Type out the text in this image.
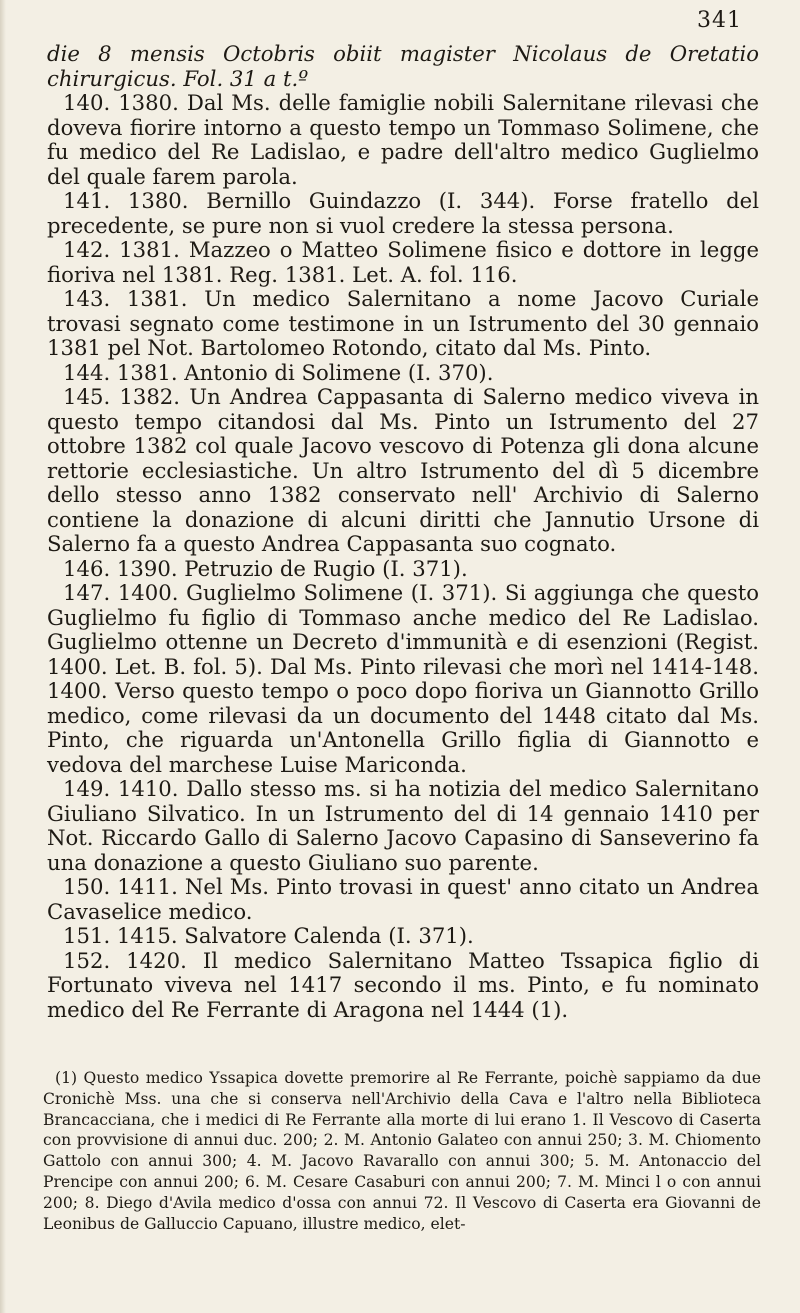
341

die 8 mensis Octobris obiit magister Nicolaus de Oretatio chirurgicus. Fol. 31 a t.º

140. 1380. Dal Ms. delle famiglie nobili Salernitane rilevasi che doveva fiorire intorno a questo tempo un Tommaso Solimene, che fu medico del Re Ladislao, e padre dell'altro medico Guglielmo del quale farem parola.

141. 1380. Bernillo Guindazzo (I. 344). Forse fratello del precedente, se pure non si vuol credere la stessa persona.

142. 1381. Mazzeo o Matteo Solimene fisico e dottore in legge fioriva nel 1381. Reg. 1381. Let. A. fol. 116.

143. 1381. Un medico Salernitano a nome Jacovo Curiale trovasi segnato come testimone in un Istrumento del 30 gennaio 1381 pel Not. Bartolomeo Rotondo, citato dal Ms. Pinto.

144. 1381. Antonio di Solimene (I. 370).

145. 1382. Un Andrea Cappasanta di Salerno medico viveva in questo tempo citandosi dal Ms. Pinto un Istrumento del 27 ottobre 1382 col quale Jacovo vescovo di Potenza gli dona alcune rettorie ecclesiastiche. Un altro Istrumento del dì 5 dicembre dello stesso anno 1382 conservato nell' Archivio di Salerno contiene la donazione di alcuni diritti che Jannutio Ursone di Salerno fa a questo Andrea Cappasanta suo cognato.

146. 1390. Petruzio de Rugio (I. 371).

147. 1400. Guglielmo Solimene (I. 371). Si aggiunga che questo Guglielmo fu figlio di Tommaso anche medico del Re Ladislao. Guglielmo ottenne un Decreto d'immunità e di esenzioni (Regist. 1400. Let. B. fol. 5). Dal Ms. Pinto rilevasi che morì nel 1414-148. 1400. Verso questo tempo o poco dopo fioriva un Giannotto Grillo medico, come rilevasi da un documento del 1448 citato dal Ms. Pinto, che riguarda un'Antonella Grillo figlia di Giannotto e vedova del marchese Luise Mariconda.

149. 1410. Dallo stesso ms. si ha notizia del medico Salernitano Giuliano Silvatico. In un Istrumento del di 14 gennaio 1410 per Not. Riccardo Gallo di Salerno Jacovo Capasino di Sanseverino fa una donazione a questo Giuliano suo parente.

150. 1411. Nel Ms. Pinto trovasi in quest' anno citato un Andrea Cavaselice medico.

151. 1415. Salvatore Calenda (I. 371).

152. 1420. Il medico Salernitano Matteo Tssapica figlio di Fortunato viveva nel 1417 secondo il ms. Pinto, e fu nominato medico del Re Ferrante di Aragona nel 1444 (1).

(1) Questo medico Yssapica dovette premorire al Re Ferrante, poichè sappiamo da due Cronichè Mss. una che si conserva nell'Archivio della Cava e l'altro nella Biblioteca Brancacciana, che i medici di Re Ferrante alla morte di lui erano 1. Il Vescovo di Caserta con provvisione di annui duc. 200; 2. M. Antonio Galateo con annui 250; 3. M. Chiomento Gattolo con annui 300; 4. M. Jacovo Ravarallo con annui 300; 5. M. Antonaccio del Prencipe con annui 200; 6. M. Cesare Casaburi con annui 200; 7. M. Minci l o con annui 200; 8. Diego d'Avila medico d'ossa con annui 72. Il Vescovo di Caserta era Giovanni de Leonibus de Galluccio Capuano, illustre medico, elet-
